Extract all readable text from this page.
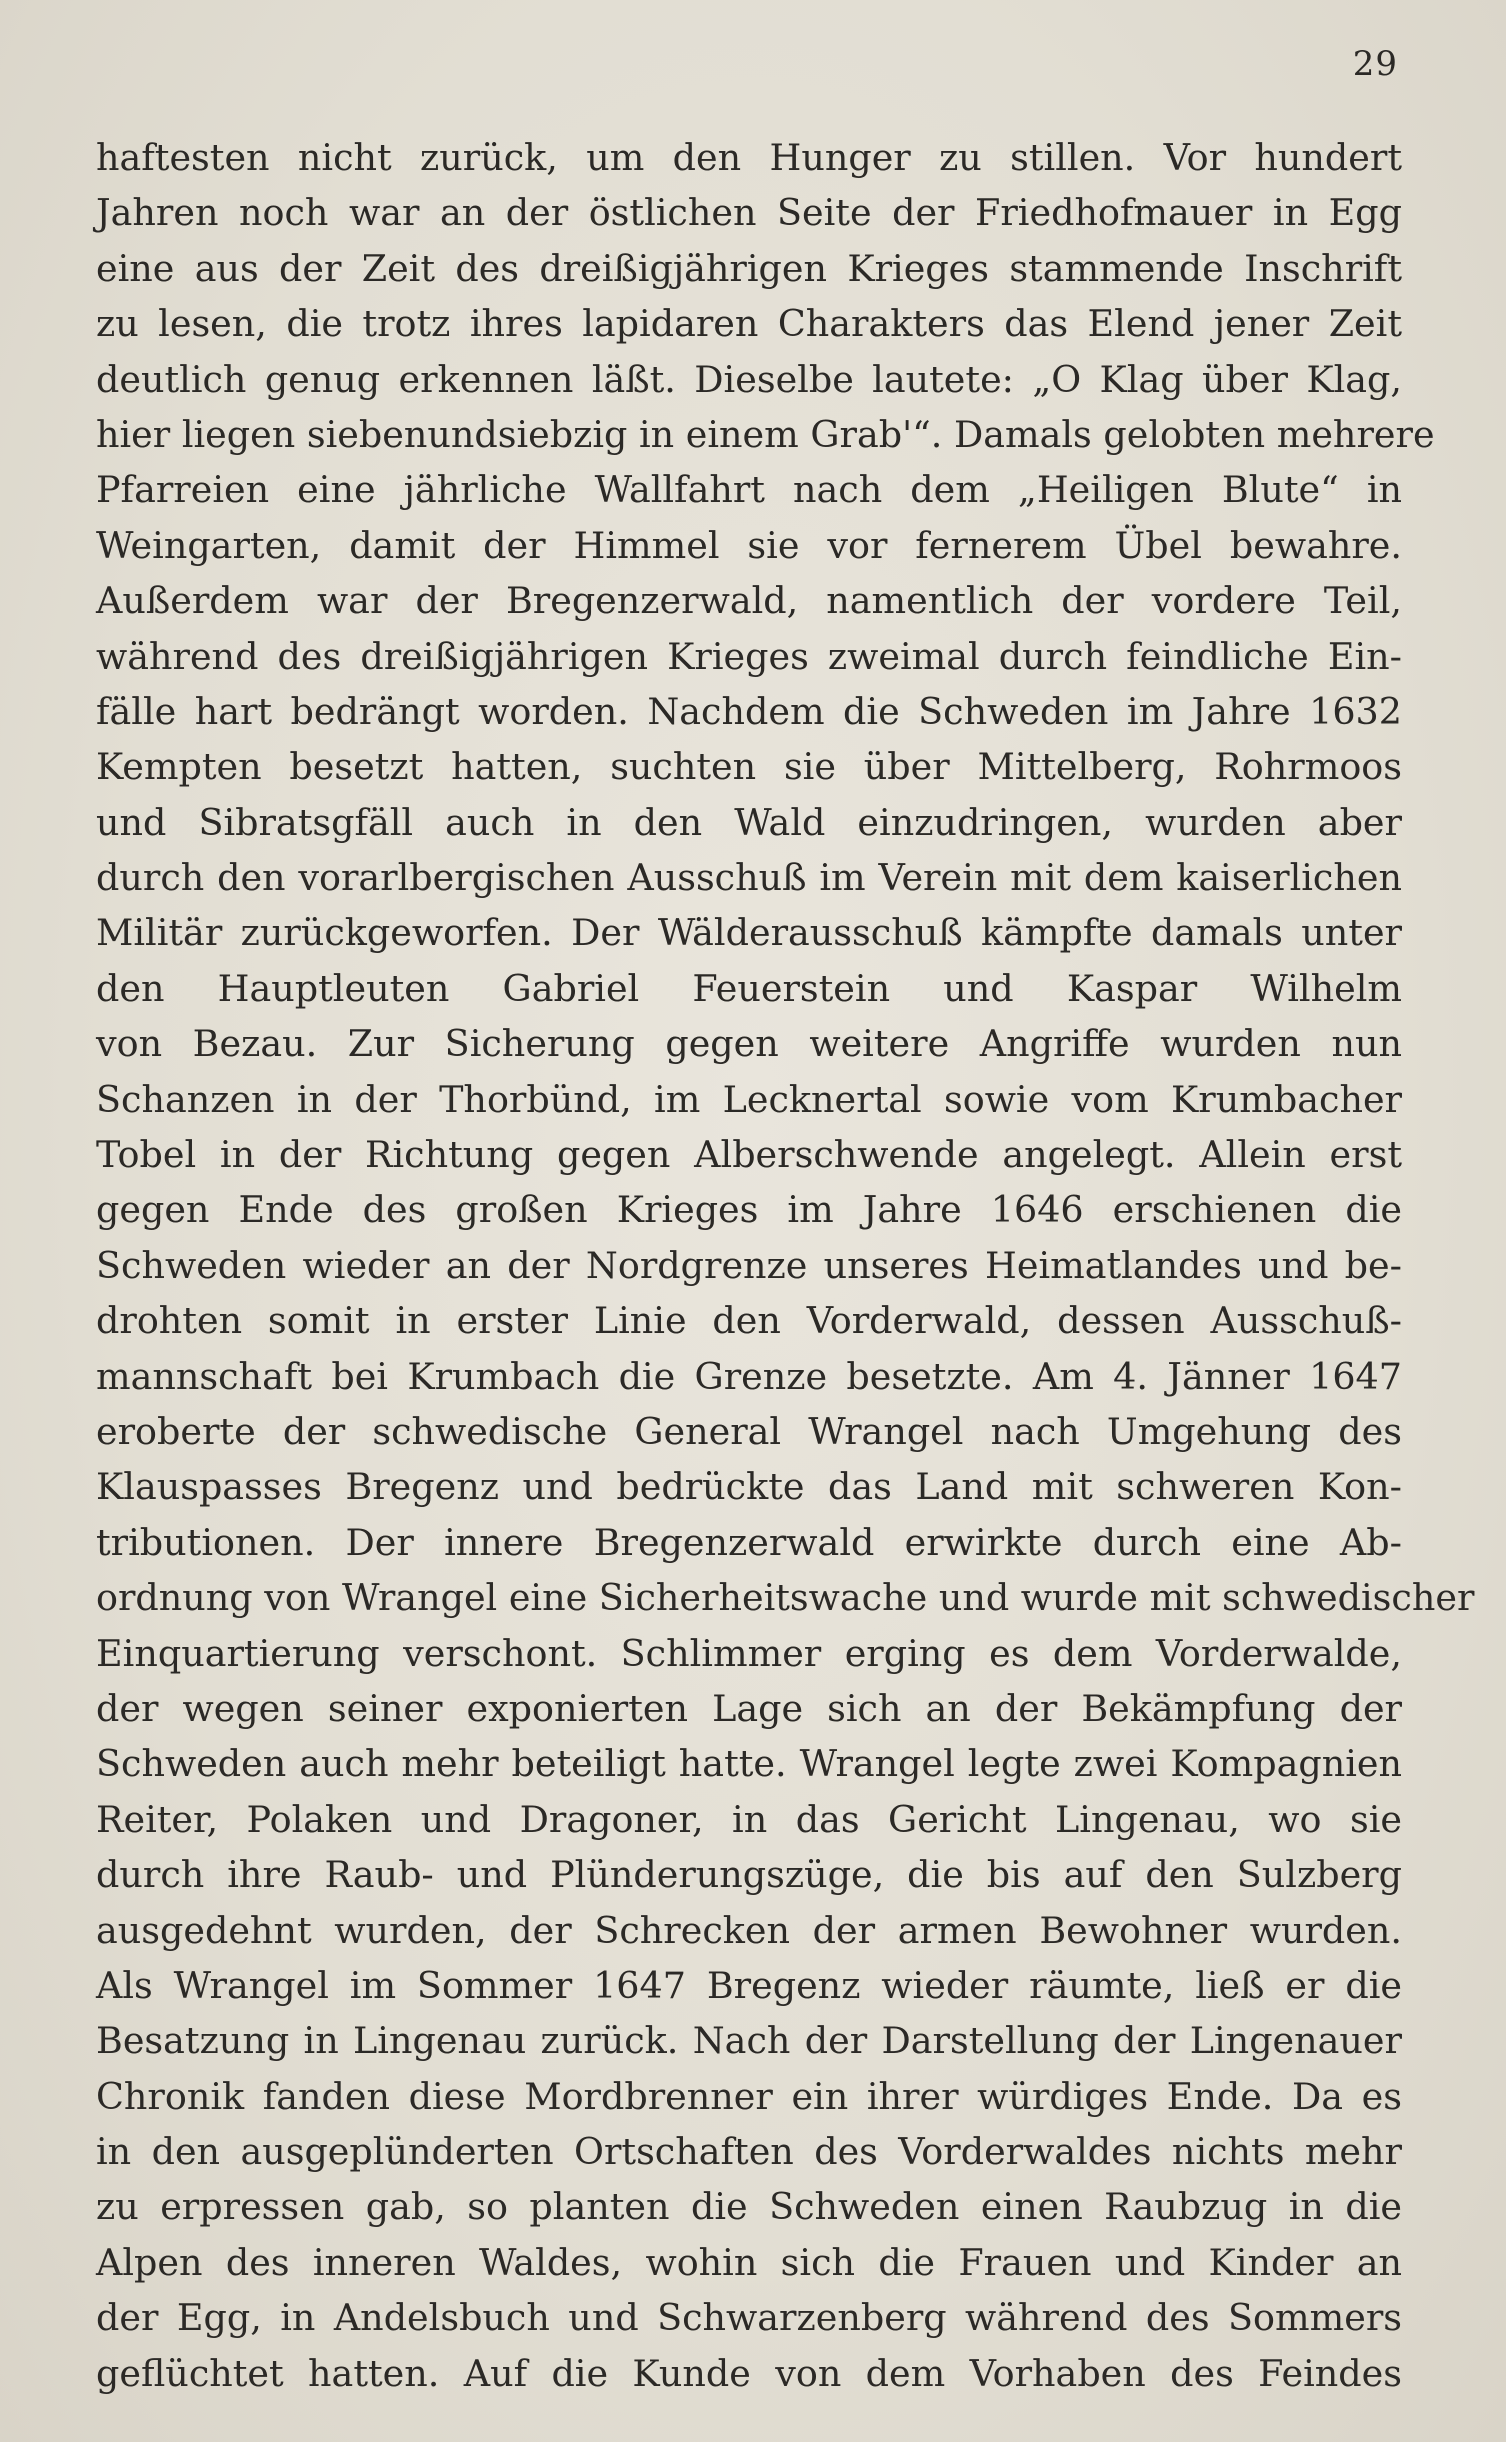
29
haftesten nicht zurück, um den Hunger zu stillen. Vor hundert
Jahren noch war an der östlichen Seite der Friedhofmauer in Egg
eine aus der Zeit des dreißigjährigen Krieges stammende Inschrift
zu lesen, die trotz ihres lapidaren Charakters das Elend jener Zeit
deutlich genug erkennen läßt. Dieselbe lautete: „O Klag über Klag,
hier liegen siebenundsiebzig in einem Grab'“. Damals gelobten mehrere
Pfarreien eine jährliche Wallfahrt nach dem „Heiligen Blute“ in
Weingarten, damit der Himmel sie vor fernerem Übel bewahre.
Außerdem war der Bregenzerwald, namentlich der vordere Teil,
während des dreißigjährigen Krieges zweimal durch feindliche Ein-
fälle hart bedrängt worden. Nachdem die Schweden im Jahre 1632
Kempten besetzt hatten, suchten sie über Mittelberg, Rohrmoos
und Sibratsgfäll auch in den Wald einzudringen, wurden aber
durch den vorarlbergischen Ausschuß im Verein mit dem kaiserlichen
Militär zurückgeworfen. Der Wälderausschuß kämpfte damals unter
den Hauptleuten Gabriel Feuerstein und Kaspar Wilhelm
von Bezau. Zur Sicherung gegen weitere Angriffe wurden nun
Schanzen in der Thorbünd, im Lecknertal sowie vom Krumbacher
Tobel in der Richtung gegen Alberschwende angelegt. Allein erst
gegen Ende des großen Krieges im Jahre 1646 erschienen die
Schweden wieder an der Nordgrenze unseres Heimatlandes und be-
drohten somit in erster Linie den Vorderwald, dessen Ausschuß-
mannschaft bei Krumbach die Grenze besetzte. Am 4. Jänner 1647
eroberte der schwedische General Wrangel nach Umgehung des
Klauspasses Bregenz und bedrückte das Land mit schweren Kon-
tributionen. Der innere Bregenzerwald erwirkte durch eine Ab-
ordnung von Wrangel eine Sicherheitswache und wurde mit schwedischer
Einquartierung verschont. Schlimmer erging es dem Vorderwalde,
der wegen seiner exponierten Lage sich an der Bekämpfung der
Schweden auch mehr beteiligt hatte. Wrangel legte zwei Kompagnien
Reiter, Polaken und Dragoner, in das Gericht Lingenau, wo sie
durch ihre Raub- und Plünderungszüge, die bis auf den Sulzberg
ausgedehnt wurden, der Schrecken der armen Bewohner wurden.
Als Wrangel im Sommer 1647 Bregenz wieder räumte, ließ er die
Besatzung in Lingenau zurück. Nach der Darstellung der Lingenauer
Chronik fanden diese Mordbrenner ein ihrer würdiges Ende. Da es
in den ausgeplünderten Ortschaften des Vorderwaldes nichts mehr
zu erpressen gab, so planten die Schweden einen Raubzug in die
Alpen des inneren Waldes, wohin sich die Frauen und Kinder an
der Egg, in Andelsbuch und Schwarzenberg während des Sommers
geflüchtet hatten. Auf die Kunde von dem Vorhaben des Feindes
